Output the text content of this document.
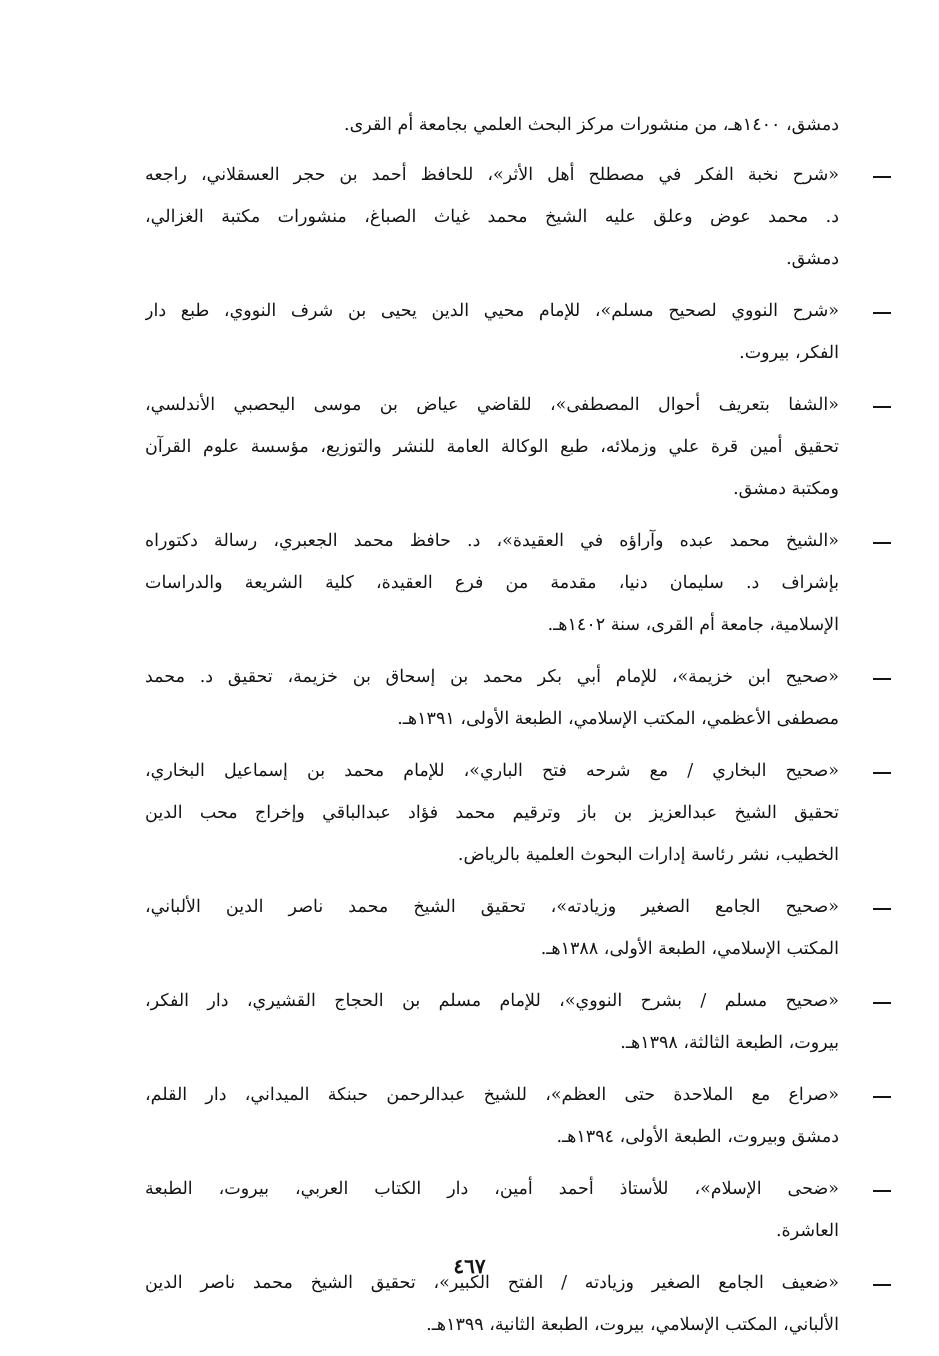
دمشق، ١٤٠٠هـ، من منشورات مركز البحث العلمي بجامعة أم القرى.
«شرح نخبة الفكر في مصطلح أهل الأثر»، للحافظ أحمد بن حجر العسقلاني، راجعه
د. محمد عوض وعلق عليه الشيخ محمد غياث الصباغ، منشورات مكتبة الغزالي،
دمشق.
«شرح النووي لصحيح مسلم»، للإمام محيي الدين يحيى بن شرف النووي، طبع دار
الفكر، بيروت.
«الشفا بتعريف أحوال المصطفى»، للقاضي عياض بن موسى اليحصبي الأندلسي،
تحقيق أمين قرة علي وزملائه، طبع الوكالة العامة للنشر والتوزيع، مؤسسة علوم القرآن
ومكتبة دمشق.
«الشيخ محمد عبده وآراؤه في العقيدة»، د. حافظ محمد الجعبري، رسالة دكتوراه
بإشراف د. سليمان دنيا، مقدمة من فرع العقيدة، كلية الشريعة والدراسات
الإسلامية، جامعة أم القرى، سنة ١٤٠٢هـ.
«صحيح ابن خزيمة»، للإمام أبي بكر محمد بن إسحاق بن خزيمة، تحقيق د. محمد
مصطفى الأعظمي، المكتب الإسلامي، الطبعة الأولى، ١٣٩١هـ.
«صحيح البخاري / مع شرحه فتح الباري»، للإمام محمد بن إسماعيل البخاري،
تحقيق الشيخ عبدالعزيز بن باز وترقيم محمد فؤاد عبدالباقي وإخراج محب الدين
الخطيب، نشر رئاسة إدارات البحوث العلمية بالرياض.
«صحيح الجامع الصغير وزيادته»، تحقيق الشيخ محمد ناصر الدين الألباني،
المكتب الإسلامي، الطبعة الأولى، ١٣٨٨هـ.
«صحيح مسلم / بشرح النووي»، للإمام مسلم بن الحجاج القشيري، دار الفكر،
بيروت، الطبعة الثالثة، ١٣٩٨هـ.
«صراع مع الملاحدة حتى العظم»، للشيخ عبدالرحمن حبنكة الميداني، دار القلم،
دمشق وبيروت، الطبعة الأولى، ١٣٩٤هـ.
«ضحى الإسلام»، للأستاذ أحمد أمين، دار الكتاب العربي، بيروت، الطبعة
العاشرة.
«ضعيف الجامع الصغير وزيادته / الفتح الكبير»، تحقيق الشيخ محمد ناصر الدين
الألباني، المكتب الإسلامي، بيروت، الطبعة الثانية، ١٣٩٩هـ.
٤٦٧
